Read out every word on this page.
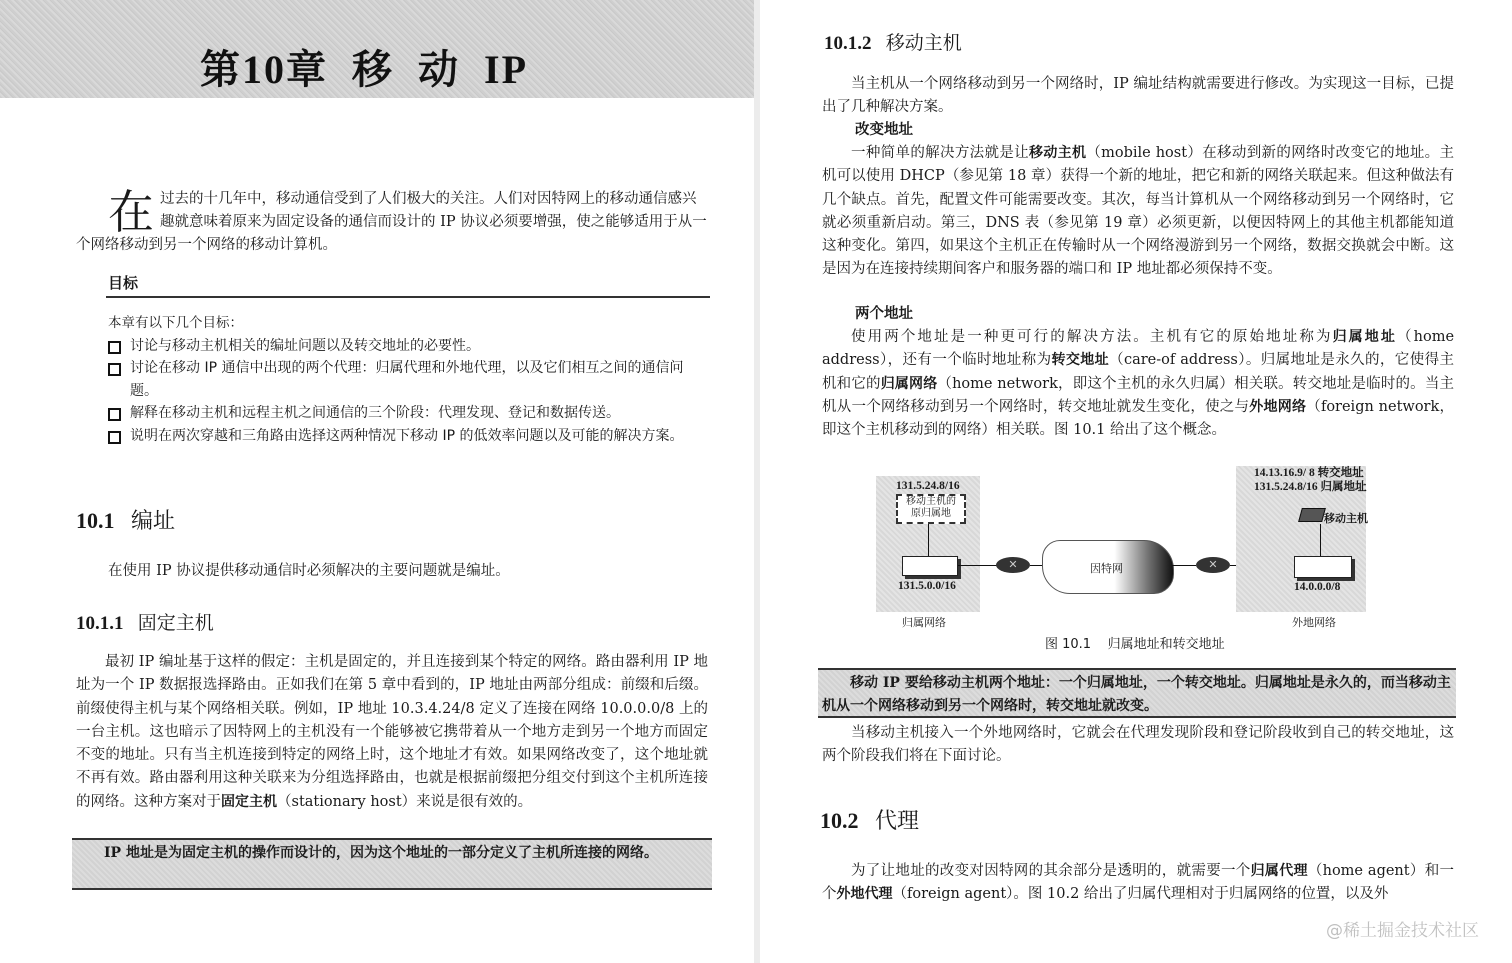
第10章  移  动  IP
在 过去的十几年中，移动通信受到了人们极大的关注。人们对因特网上的移动通信感兴趣就意味着原来为固定设备的通信而设计的 IP 协议必须要增强，使之能够适用于从一个网络移动到另一个网络的移动计算机。
目标
本章有以下几个目标：
讨论与移动主机相关的编址问题以及转交地址的必要性。
讨论在移动 IP 通信中出现的两个代理：归属代理和外地代理，以及它们相互之间的通信问题。
解释在移动主机和远程主机之间通信的三个阶段：代理发现、登记和数据传送。
说明在两次穿越和三角路由选择这两种情况下移动 IP 的低效率问题以及可能的解决方案。
10.1 编址
在使用 IP 协议提供移动通信时必须解决的主要问题就是编址。
10.1.1 固定主机
最初 IP 编址基于这样的假定：主机是固定的，并且连接到某个特定的网络。路由器利用 IP 地址为一个 IP 数据报选择路由。正如我们在第 5 章中看到的，IP 地址由两部分组成：前缀和后缀。前缀使得主机与某个网络相关联。例如，IP 地址 10.3.4.24/8 定义了连接在网络 10.0.0.0/8 上的一台主机。这也暗示了因特网上的主机没有一个能够被它携带着从一个地方走到另一个地方而固定不变的地址。只有当主机连接到特定的网络上时，这个地址才有效。如果网络改变了，这个地址就不再有效。路由器利用这种关联来为分组选择路由，也就是根据前缀把分组交付到这个主机所连接的网络。这种方案对于固定主机（stationary host）来说是很有效的。
IP 地址是为固定主机的操作而设计的，因为这个地址的一部分定义了主机所连接的网络。
10.1.2 移动主机
当主机从一个网络移动到另一个网络时，IP 编址结构就需要进行修改。为实现这一目标，已提出了几种解决方案。
改变地址
一种简单的解决方法就是让移动主机（mobile host）在移动到新的网络时改变它的地址。主机可以使用 DHCP（参见第 18 章）获得一个新的地址，把它和新的网络关联起来。但这种做法有几个缺点。首先，配置文件可能需要改变。其次，每当计算机从一个网络移动到另一个网络时，它就必须重新启动。第三，DNS 表（参见第 19 章）必须更新，以便因特网上的其他主机都能知道这种变化。第四，如果这个主机正在传输时从一个网络漫游到另一个网络，数据交换就会中断。这是因为在连接持续期间客户和服务器的端口和 IP 地址都必须保持不变。
两个地址
使用两个地址是一种更可行的解决方法。主机有它的原始地址称为归属地址（home address），还有一个临时地址称为转交地址（care-of address）。归属地址是永久的，它使得主机和它的归属网络（home network，即这个主机的永久归属）相关联。转交地址是临时的。当主机从一个网络移动到另一个网络时，转交地址就发生变化，使之与外地网络（foreign network，即这个主机移动到的网络）相关联。图 10.1 给出了这个概念。
131.5.24.8/16
移动主机的
原归属地
131.5.0.0/16
归属网络
✕	因特网	✕
14.13.16.9/ 8 转交地址
131.5.24.8/16 归属地址
移动主机
14.0.0.0/8
外地网络
图 10.1    归属地址和转交地址
移动 IP 要给移动主机两个地址：一个归属地址，一个转交地址。归属地址是永久的，而当移动主机从一个网络移动到另一个网络时，转交地址就改变。
当移动主机接入一个外地网络时，它就会在代理发现阶段和登记阶段收到自己的转交地址，这两个阶段我们将在下面讨论。
10.2 代理
为了让地址的改变对因特网的其余部分是透明的，就需要一个归属代理（home agent）和一个外地代理（foreign agent）。图 10.2 给出了归属代理相对于归属网络的位置，以及外
@稀土掘金技术社区
